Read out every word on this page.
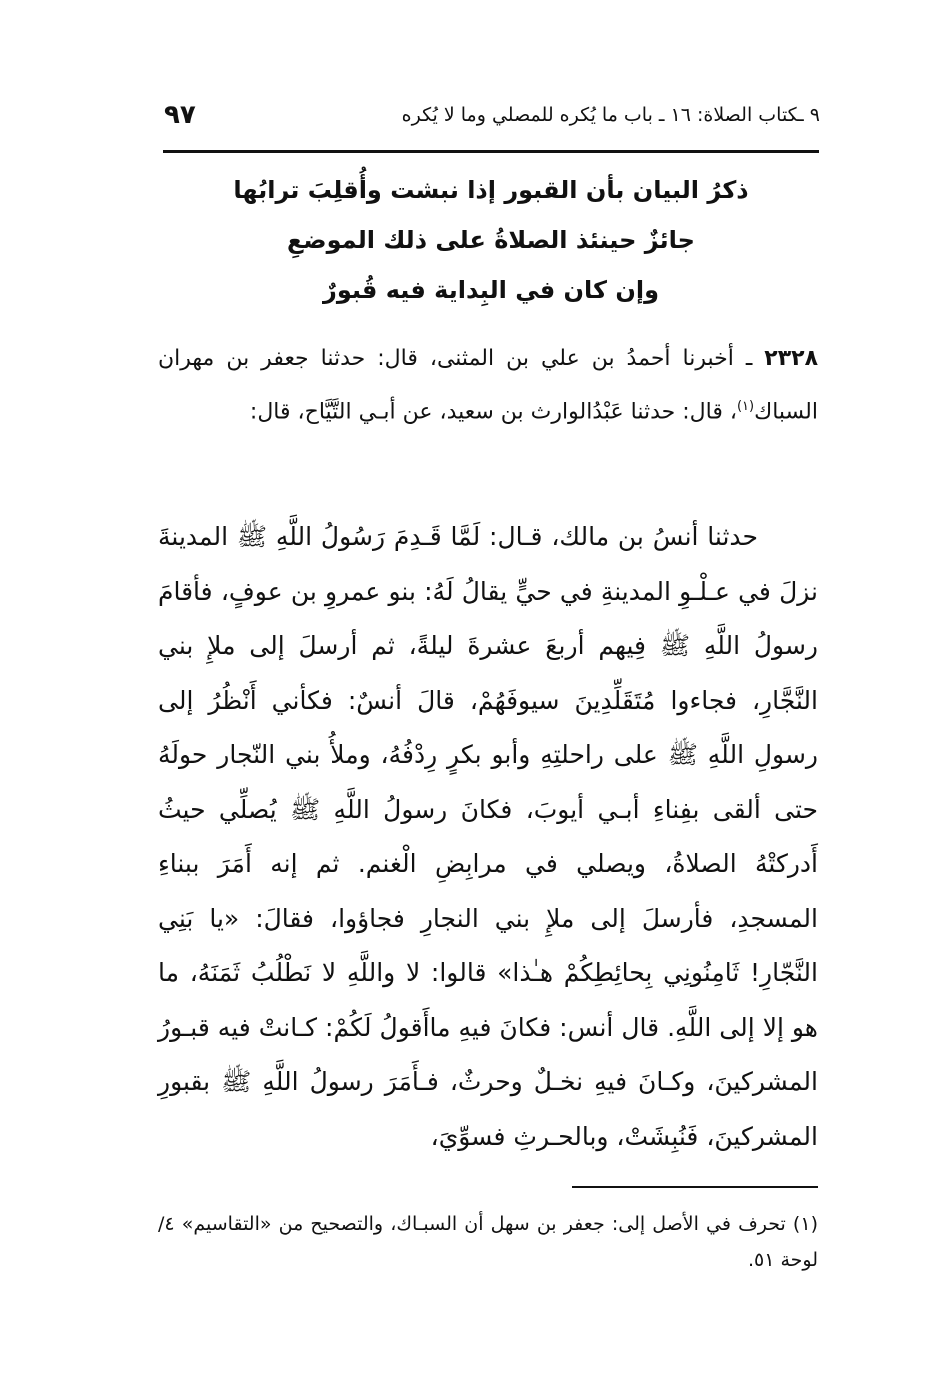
٩ ـكتاب الصلاة: ١٦ ـ باب ما يُكره للمصلي وما لا يُكره
٩٧
ذكرُ البيان بأن القبور إذا نبشت وأُقلِبَ ترابُها
جائزٌ حينئذ الصلاةُ على ذلك الموضعِ
وإن كان في البِداية فيه قُبورٌ
٢٣٢٨ ـ أخبرنا أحمدُ بن علي بن المثنى، قال: حدثنا جعفر بن مهران السباك$^{(١)}$، قال: حدثنا عَبْدُالوارث بن سعيد، عن أبـي التَّيَّاح، قال:
حدثنا أنسُ بن مالك، قـال: لَمَّا قَـدِمَ رَسُولُ اللَّهِ ﷺ المدينةَ نزلَ في عـلْـوِ المدينةِ في حيٍّ يقالُ لَهُ: بنو عمروِ بن عوفٍ، فأقامَ رسولُ اللَّهِ ﷺ فِيهم أربعَ عشرةَ ليلةً، ثم أرسلَ إلى ملإِ بني النَّجَّارِ، فجاءوا مُتَقَلِّدِينَ سيوفَهُمْ، قالَ أنسٌ: فكأني أَنْظُرُ إلى رسولِ اللَّهِ ﷺ على راحلتِهِ وأبو بكرٍ رِدْفُهُ، وملأُ بني النّجار حولَهُ حتى ألقى بفِناءِ أبـي أيوبَ، فكانَ رسولُ اللَّهِ ﷺ يُصلِّي حيثُ أَدركتْهُ الصلاةُ، ويصلي في مرابِضِ الْغنم. ثم إنه أَمَرَ ببناءِ المسجدِ، فأرسلَ إلى ملإِ بني النجارِ فجاؤوا، فقالَ: «يا بَنِي النَّجّارِ! ثَامِنُونِي بِحائِطِكُمْ هـٰذا» قالوا: لا واللَّهِ لا نَطْلُبُ ثَمَنَهُ، ما هو إلا إلى اللَّهِ. قال أنس: فكانَ فيهِ ماأَقولُ لَكُمْ: كـانتْ فيه قبـورُ المشركينَ، وكـانَ فيهِ نخـلٌ وحرثٌ، فـأَمَرَ رسولُ اللَّهِ ﷺ بقبورِ المشركينَ، فَنُبِشَتْ، وبالحـرثِ فسوِّيَ،
(١) تحرف في الأصل إلى: جعفر بن سهل أن السبـاك، والتصحيح من «التقاسيم» ٤/لوحة ٥١.
